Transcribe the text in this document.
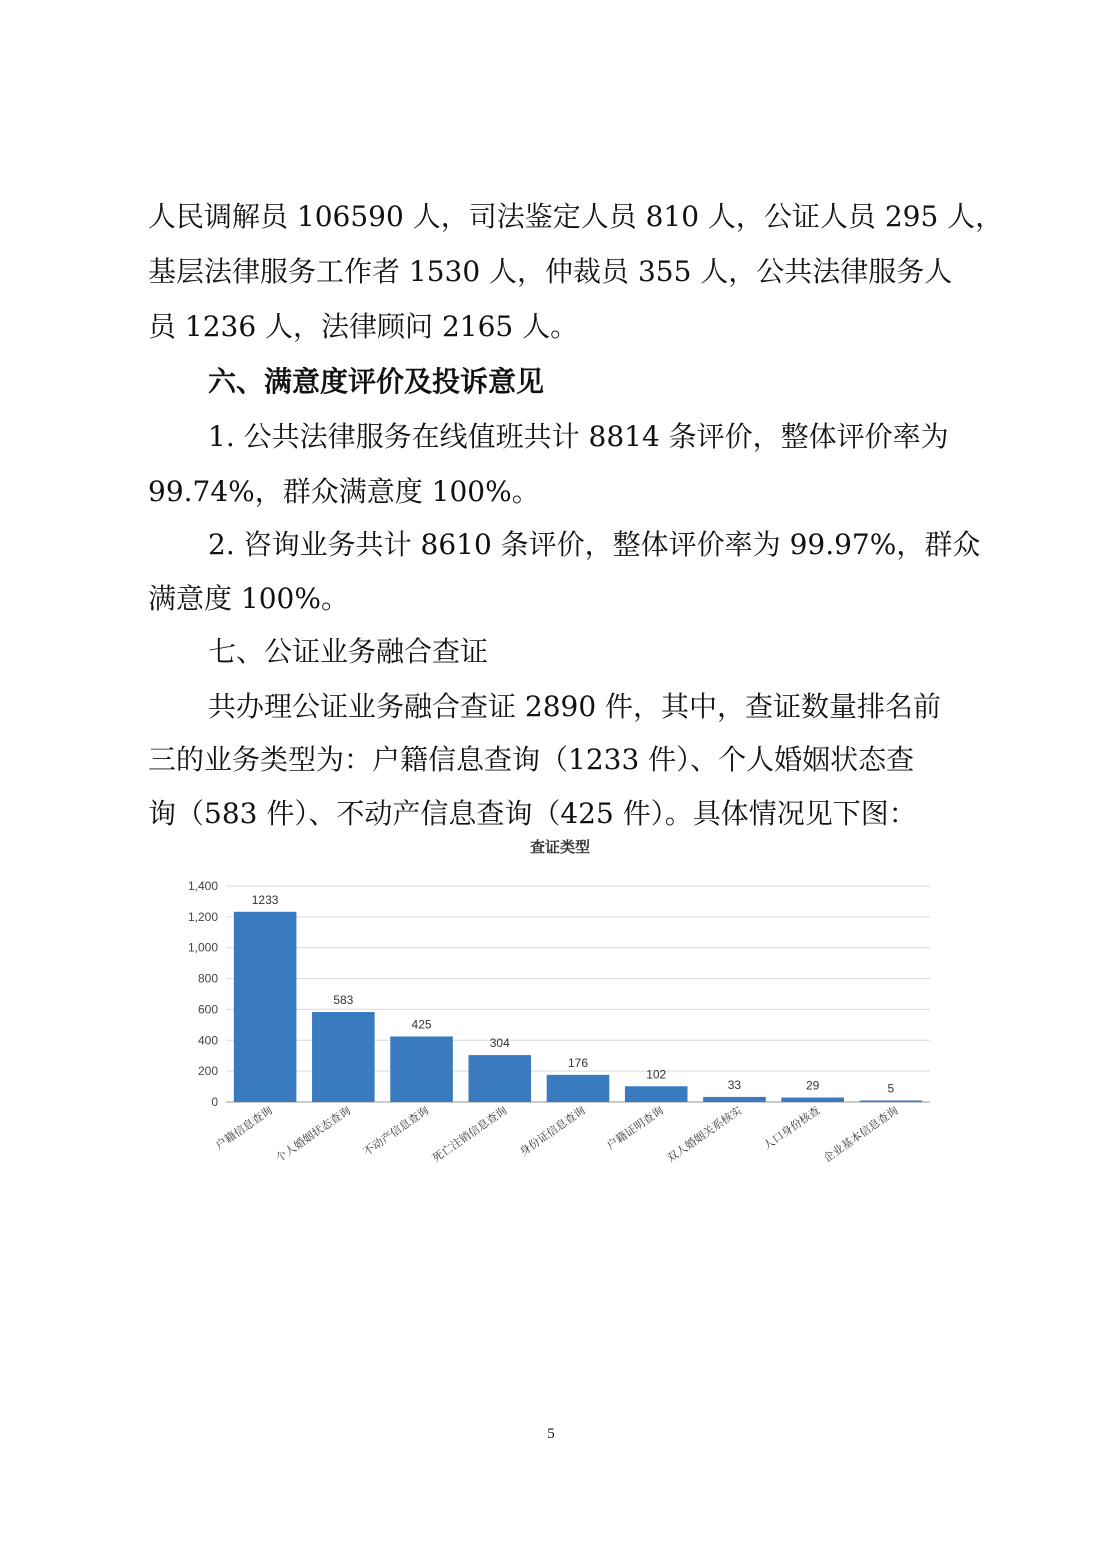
人民调解员 106590 人，司法鉴定人员 810 人，公证人员 295 人，

基层法律服务工作者 1530 人，仲裁员 355 人，公共法律服务人

员 1236 人，法律顾问 2165 人。

六、满意度评价及投诉意见

1. 公共法律服务在线值班共计 8814 条评价，整体评价率为

99.74%，群众满意度 100%。

2. 咨询业务共计 8610 条评价，整体评价率为 99.97%，群众

满意度 100%。

七、公证业务融合查证

共办理公证业务融合查证 2890 件，其中，查证数量排名前

三的业务类型为：户籍信息查询（1233 件）、个人婚姻状态查

询（583 件）、不动产信息查询（425 件）。具体情况见下图：

查证类型
1233
583
425
304
176
102
33	29	5
0
200
400
600
800
1,000
1,200
1,400
户籍信息查询
个人婚姻状态查询 不动产信息查询
死亡注销信息查询 身份证信息查询 户籍证明查询
双人婚姻关系核实 人口身份核查
企业基本信息查询
5
